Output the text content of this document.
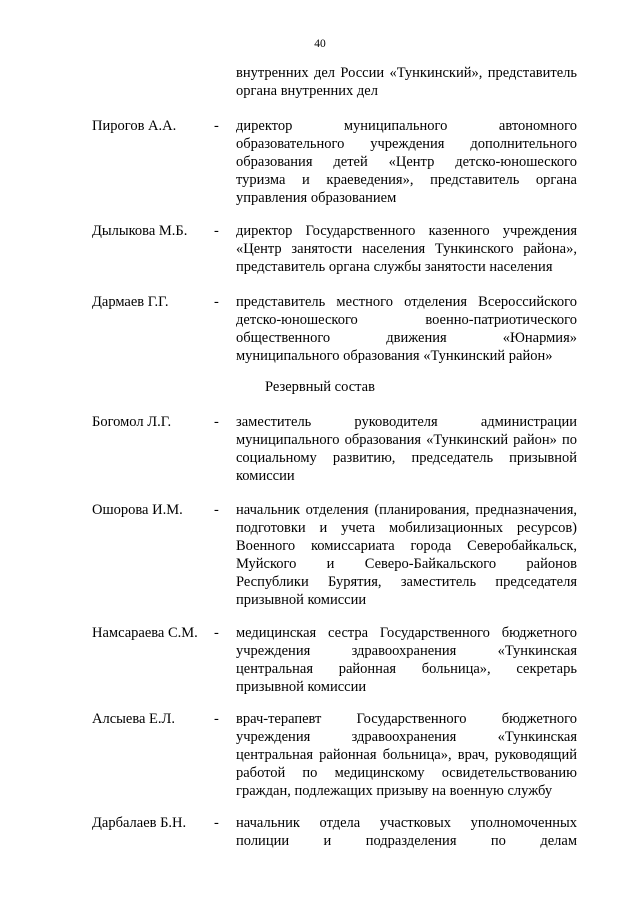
40
внутренних дел России «Тункинский», представитель
органа внутренних дел
Пирогов А.А.	- директор муниципального автономного
образовательного учреждения дополнительного
образования детей «Центр детско-юношеского
туризма и краеведения», представитель органа
управления образованием
Дылыкова М.Б. - директор Государственного казенного учреждения
«Центр занятости населения Тункинского района»,
представитель органа службы занятости населения
Дармаев Г.Г.	- представитель местного отделения Всероссийского
детско-юношеского военно-патриотического
общественного движения «Юнармия»
муниципального образования «Тункинский район»
Резервный состав
Богомол Л.Г.	- заместитель руководителя администрации
муниципального образования «Тункинский район» по
социальному развитию, председатель призывной
комиссии
Ошорова И.М. - начальник отделения (планирования, предназначения,
подготовки и учета мобилизационных ресурсов)
Военного комиссариата города Северобайкальск,
Муйского и Северо-Байкальского районов
Республики Бурятия, заместитель председателя
призывной комиссии
Намсараева С.М. - медицинская сестра Государственного бюджетного
учреждения здравоохранения «Тункинская
центральная районная больница», секретарь
призывной комиссии
Алсыева Е.Л.	- врач-терапевт Государственного бюджетного
учреждения здравоохранения «Тункинская
центральная районная больница», врач, руководящий
работой по медицинскому освидетельствованию
граждан, подлежащих призыву на военную службу
Дарбалаев Б.Н. - начальник отдела участковых уполномоченных
полиции и подразделения по делам
